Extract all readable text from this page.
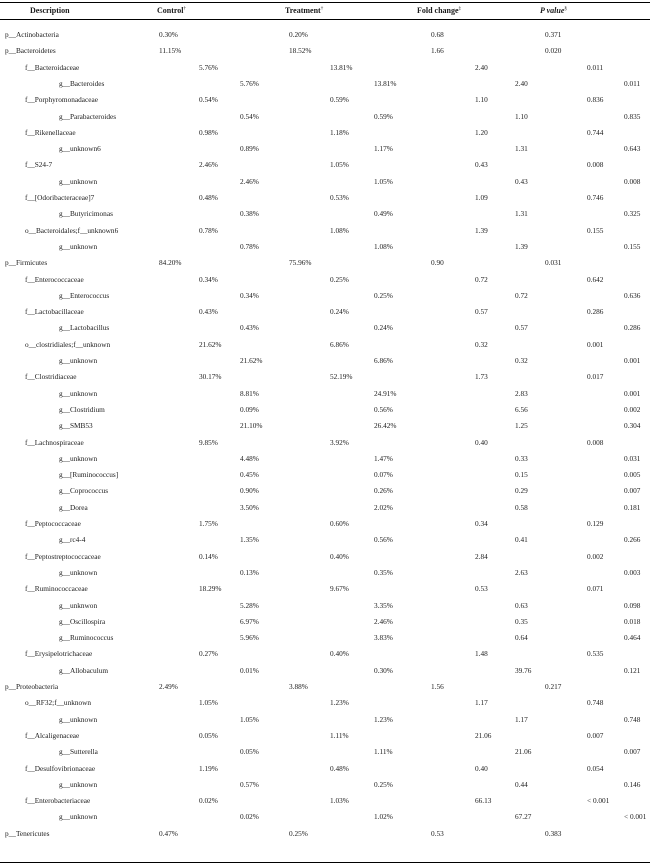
Description	Control†	Treatment†	Fold change‡	P value§
p__Actinobacteria	0.30%	0.20%	0.68	0.371
p__Bacteroidetes	11.15%	18.52%	1.66	0.020
f__Bacteroidaceae	5.76%	13.81%	2.40	0.011
g__Bacteroides	5.76%	13.81%	2.40	0.011
f__Porphyromonadaceae	0.54%	0.59%	1.10	0.836
g__Parabacteroides	0.54%	0.59%	1.10	0.835
f__Rikenellaceae	0.98%	1.18%	1.20	0.744
g__unknown6	0.89%	1.17%	1.31	0.643
f__S24-7	2.46%	1.05%	0.43	0.008
g__unknown	2.46%	1.05%	0.43	0.008
f__[Odoribacteraceae]7	0.48%	0.53%	1.09	0.746
g__Butyricimonas	0.38%	0.49%	1.31	0.325
o__Bacteroidales;f__unknown6	0.78%	1.08%	1.39	0.155
g__unknown	0.78%	1.08%	1.39	0.155
p__Firmicutes	84.20%	75.96%	0.90	0.031
f__Enterococcaceae	0.34%	0.25%	0.72	0.642
g__Enterococcus	0.34%	0.25%	0.72	0.636
f__Lactobacillaceae	0.43%	0.24%	0.57	0.286
g__Lactobacillus	0.43%	0.24%	0.57	0.286
o__clostridiales;f__unknown	21.62%	6.86%	0.32	0.001
g__unknown	21.62%	6.86%	0.32	0.001
f__Clostridiaceae	30.17%	52.19%	1.73	0.017
g__unknown	8.81%	24.91%	2.83	0.001
g__Clostridium	0.09%	0.56%	6.56	0.002
g__SMB53	21.10%	26.42%	1.25	0.304
f__Lachnospiraceae	9.85%	3.92%	0.40	0.008
g__unknown	4.48%	1.47%	0.33	0.031
g__[Ruminococcus]	0.45%	0.07%	0.15	0.005
g__Coprococcus	0.90%	0.26%	0.29	0.007
g__Dorea	3.50%	2.02%	0.58	0.181
f__Peptococcaceae	1.75%	0.60%	0.34	0.129
g__rc4-4	1.35%	0.56%	0.41	0.266
f__Peptostreptococcaceae	0.14%	0.40%	2.84	0.002
g__unknown	0.13%	0.35%	2.63	0.003
f__Ruminococcaceae	18.29%	9.67%	0.53	0.071
g__unknwon	5.28%	3.35%	0.63	0.098
g__Oscillospira	6.97%	2.46%	0.35	0.018
g__Ruminococcus	5.96%	3.83%	0.64	0.464
f__Erysipelotrichaceae	0.27%	0.40%	1.48	0.535
g__Allobaculum	0.01%	0.30%	39.76	0.121
p__Proteobacteria	2.49%	3.88%	1.56	0.217
o__RF32;f__unknown	1.05%	1.23%	1.17	0.748
g__unknown	1.05%	1.23%	1.17	0.748
f__Alcaligenaceae	0.05%	1.11%	21.06	0.007
g__Sutterella	0.05%	1.11%	21.06	0.007
f__Desulfovibrionaceae	1.19%	0.48%	0.40	0.054
g__unknown	0.57%	0.25%	0.44	0.146
f__Enterobacteriaceae	0.02%	1.03%	66.13	< 0.001
g__unknown	0.02%	1.02%	67.27	< 0.001
p__Tenericutes	0.47%	0.25%	0.53	0.383
